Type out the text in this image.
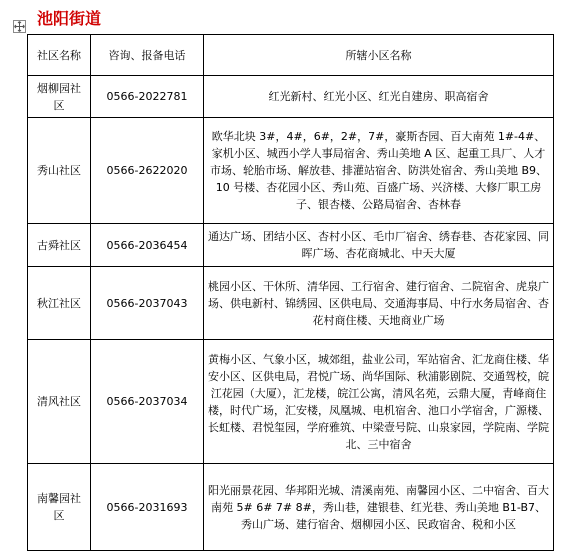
池阳街道
社区名称	咨询、报备电话	所辖小区名称
烟柳园社区	0566-2022781	红光新村、红光小区、红光自建房、职高宿舍
秀山社区	0566-2622020	欧华北块 3#，4#，6#，2#，7#，豪斯杏园、百大南苑 1#-4#、家机小区、城西小学人事局宿舍、秀山美地 A 区、起重工具厂、人才市场、轮胎市场、解放巷、排灌站宿舍、防洪处宿舍、秀山美地 B9、10 号楼、杏花园小区、秀山苑、百盛广场、兴济楼、大修厂职工房子、银杏楼、公路局宿舍、杏林春
古舜社区	0566-2036454	通达广场、团结小区、杏村小区、毛巾厂宿舍、绣春巷、杏花家园、同晖广场、杏花商城北、中天大厦
秋江社区	0566-2037043	桃园小区、干休所、清华园、工行宿舍、建行宿舍、二院宿舍、虎泉广场、供电新村、锦绣园、区供电局、交通海事局、中行水务局宿舍、杏花村商住楼、天地商业广场
清风社区	0566-2037034	黄梅小区、气象小区，城郊组，盐业公司，军站宿舍、汇龙商住楼、华安小区、区供电局，君悦广场、尚华国际、秋浦影剧院、交通驾校，皖江花园（大厦），汇龙楼，皖江公寓，清风名苑，云鼎大厦，青峰商住楼，时代广场，汇安楼，凤凰城、电机宿舍、池口小学宿舍，广源楼、长虹楼、君悦玺园，学府雅筑、中梁壹号院、山泉家园，学院南、学院北、三中宿舍
南馨园社区	0566-2031693	阳光丽景花园、华邦阳光城、清溪南苑、南馨园小区、二中宿舍、百大南苑 5# 6# 7# 8#，秀山巷，建银巷、红光巷、秀山美地 B1-B7、秀山广场、建行宿舍、烟柳园小区、民政宿舍、税和小区
